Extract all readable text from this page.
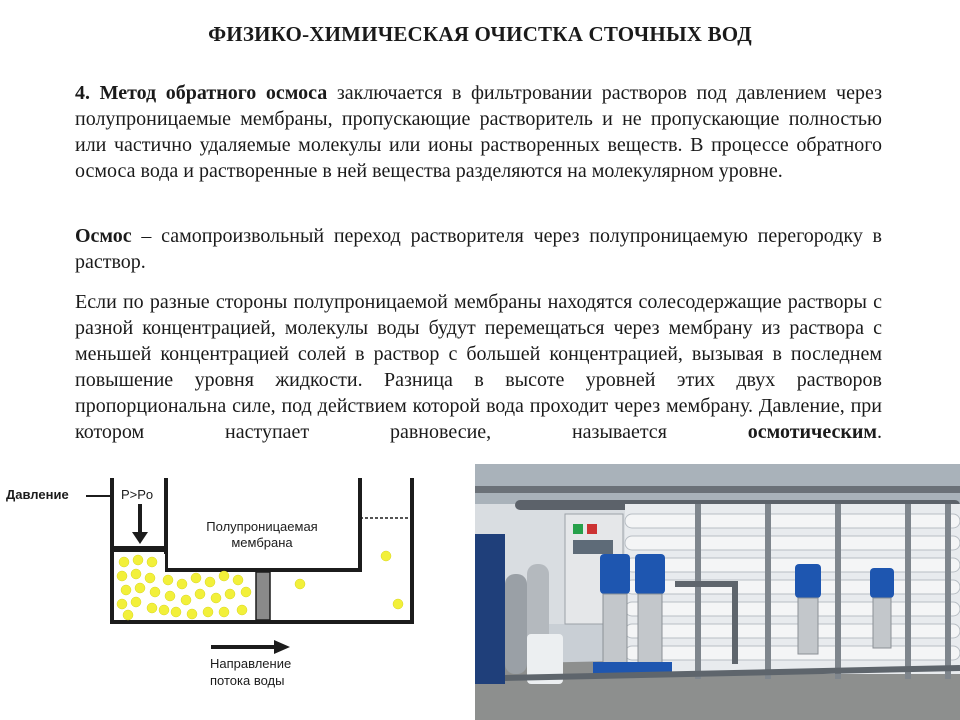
ФИЗИКО-ХИМИЧЕСКАЯ ОЧИСТКА СТОЧНЫХ ВОД

4. Метод обратного осмоса заключается в фильтровании растворов под давлением через полупроницаемые мембраны, пропускающие растворитель и не пропускающие полностью или частично удаляемые молекулы или ионы растворенных веществ. В процессе обратного осмоса вода и растворенные в ней вещества разделяются на молекулярном уровне.

Осмос – самопроизвольный переход растворителя через полупроницаемую перегородку в раствор.

Если по разные стороны полупроницаемой мембраны находятся солесодержащие растворы с разной концентрацией, молекулы воды будут перемещаться через мембрану из раствора с меньшей концентрацией солей в раствор с большей концентрацией, вызывая в последнем повышение уровня жидкости. Разница в высоте уровней этих двух растворов пропорциональна силе, под действием которой вода проходит через мембрану. Давление, при котором наступает равновесие, называется осмотическим.

Давление	P>Po
Полупроницаемая
мембрана
Направление
потока воды
